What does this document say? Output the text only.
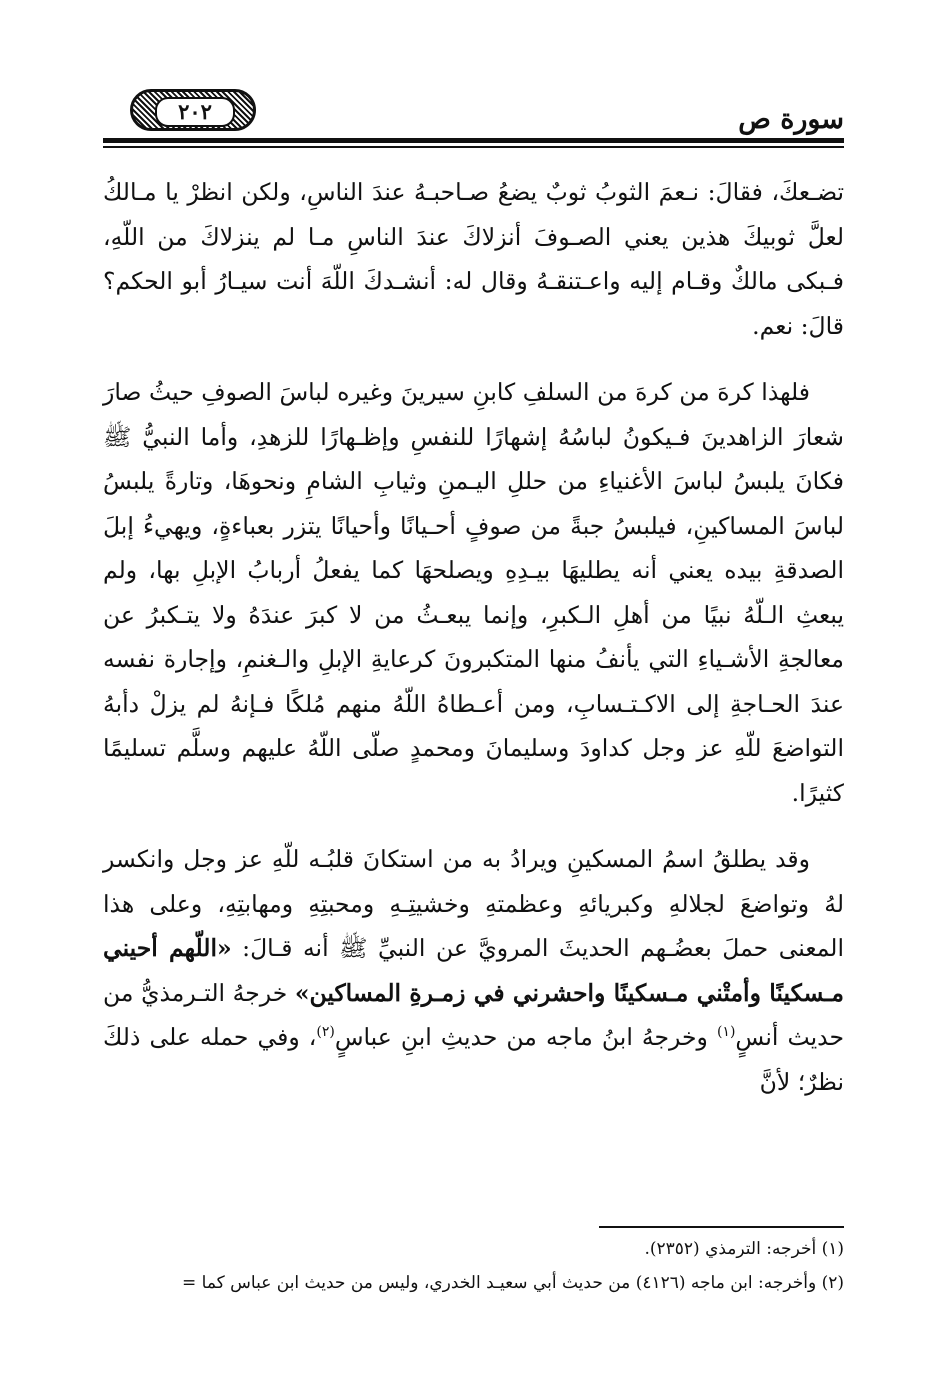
سورة ص
٢٠٢

تضـعكَ، فقالَ: نـعمَ الثوبُ ثوبٌ يضعُ صـاحبـهُ عندَ الناسِ، ولكن انظرْ يا مـالكُ لعلَّ ثوبيكَ هذين يعني الصـوفَ أنزلاكَ عندَ الناسِ مـا لم ينزلاكَ من اللّهِ، فـبكى مالكٌ وقـام إليه واعـتنقـهُ وقال له: أنشـدكَ اللّهَ أنت سيـارُ أبو الحكم؟ قالَ: نعم.

فلهذا كرهَ من كرهَ من السلفِ كابنِ سيرينَ وغيره لباسَ الصوفِ حيثُ صارَ شعارَ الزاهدينَ فـيكونُ لباسُهُ إشهارًا للنفسِ وإظـهارًا للزهدِ، وأما النبيُّ ﷺ فكانَ يلبسُ لباسَ الأغنياءِ من حللِ اليـمنِ وثيابِ الشامِ ونحوهَا، وتارةً يلبسُ لباسَ المساكينِ، فيلبسُ جبةً من صوفٍ أحـيانًا وأحيانًا يتزر بعباءةٍ، ويهيءُ إبلَ الصدقةِ بيده يعني أنه يطليهَا بيـدِهِ ويصلحهَا كما يفعلُ أربابُ الإبلِ بها، ولم يبعثِ الـلّهُ نبيًا من أهلِ الـكبرِ، وإنما يبعـثُ من لا كبرَ عندَهُ ولا يتـكبرُ عن معالجةِ الأشـياءِ التي يأنفُ منها المتكبرونَ كرعايةِ الإبلِ والـغنمِ، وإجارة نفسه عندَ الحـاجةِ إلى الاكـتـسابِ، ومن أعـطاهُ اللّهُ منهم مُلكًا فـإنهُ لم يزلْ دأبهُ التواضعَ للّهِ عز وجل كداودَ وسليمانَ ومحمدٍ صلّى اللّهُ عليهم وسلَّم تسليمًا كثيرًا.

وقد يطلقُ اسمُ المسكينِ ويرادُ به من استكانَ قلبُـه للّهِ عز وجل وانكسر لهُ وتواضعَ لجلالهِ وكبريائهِ وعظمتهِ وخشيتِـهِ ومحبتِهِ ومهابتِهِ، وعلى هذا المعنى حملَ بعضُـهم الحديثَ المرويَّ عن النبيِّ ﷺ أنه قـالَ: «اللّهم أحيني مـسكينًا وأمتْني مـسكينًا واحشرني في زمـرةِ المساكين» خرجهُ التـرمذيُّ من حديث أنسٍ$^{(١)}$ وخرجهُ ابنُ ماجه من حديثِ ابنِ عباسٍ$^{(٢)}$، وفي حمله على ذلكَ نظرٌ؛ لأنَّ

(١) أخرجه: الترمذي (٢٣٥٢).
(٢) وأخرجه: ابن ماجه (٤١٢٦) من حديث أبي سعيـد الخدري، وليس من حديث ابن عباس كما =
